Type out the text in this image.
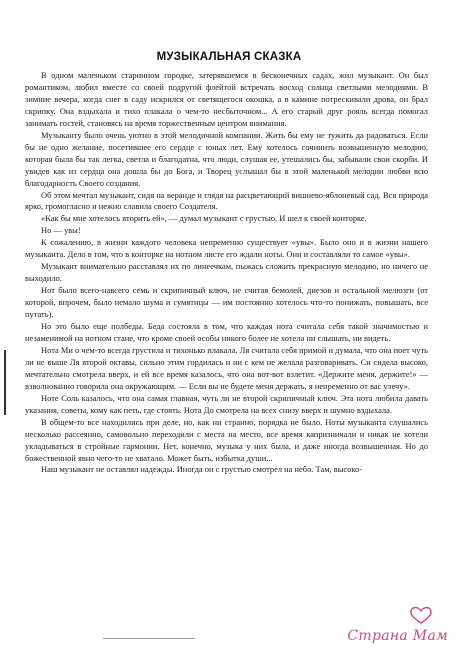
МУЗЫКАЛЬНАЯ СКАЗКА

В одном маленьком старинном городке, затерявшемся в бесконечных садах, жил музыкант. Он был романтиком, любил вместе со своей подругой флейтой встречать восход солнца светлыми мелодиями. В зимние вечера, когда снег в саду искрился от светящегося окошка, а в камине потрескивали дрова, он брал скрипку. Она вздыхала и тихо плакала о чем-то несбыточном... А его старый друг рояль всегда помогал занимать гостей, становясь на время торжественным центром внимания.

Музыканту было очень уютно в этой мелодичной компании. Жить бы ему не тужить да радоваться. Если бы не одно желание, посетившее его сердце с юных лет. Ему хотелось сочинить возвышенную мелодию, которая была бы так легка, светла и благодатна, что люди, слушая ее, утешались бы, забывали свои скорби. И увидев как из сердца она дошла бы до Бога, и Творец услышал бы в этой маленькой мелодии любви всю благодарность Своего создания.

Об этом мечтал музыкант, сидя на веранде и глядя на расцветающий вишнево-яблоневый сад. Вся природа ярко, громогласно и нежно славила своего Создателя.

«Как бы мне хотелось вторить ей», — думал музыкант с грустью. И шел к своей конторке.

Но — увы!

К сожалению, в жизни каждого человека непременно существует «увы». Было оно и в жизни нашего музыканта. Дело в том, что в конторке на нотном листе его ждали ноты. Они и составляли то самое «увы».

Музыкант внимательно расставлял их по линеечкам, пыжась сложить прекрасную мелодию, но ничего не выходило.

Нот было всего-навсего семь и скрипичный ключ, не считая бемолей, диезов и остальной мелюзги (от которой, впрочем, было немало шума и сумятицы — им постоянно хотелось что-то понижать, повышать, все путать).

Но это было еще полбеды. Беда состояла в том, что каждая нота считала себя такой значимостью и незаменимой на нотном стане, что кроме своей особы никого более не хотела ни слышать, ни видеть.

Нота Ми о чем-то всегда грустила и тихонько плакала. Ля считала себя примой и думала, что она поет чуть ли не выше Ля второй октавы, сильно этим гордилась и ни с кем не желала разговаривать. Си сидела высоко, мечтательно смотрела вверх, и ей все время казалось, что она вот-вот взлетит. «Держите меня, держите!» — взволнованно говорила она окружающим. — Если вы не будете меня держать, я непременно от вас улечу».

Ноте Соль казалось, что она самая главная, чуть ли не второй скрипичный ключ. Эта нота любила давать указания, советы, кому как петь, где стоять. Нота До смотрела на всех снизу вверх и шумно вздыхала.

В общем-то все находились при деле, но, как ни странно, порядка не было. Ноты музыканта слушались несколько рассеянно, самовольно переходили с места на место, все время капризничали и никак не хотели укладываться в стройные гармонии. Нет, конечно, музыка у них была, и даже иногда возвышенная. Но до божественной явно чего-то не хватало. Может быть, избытка души...

Наш музыкант не оставлял надежды. Иногда он с грустью смотрел на небо. Там, высоко-

Страна Мам
